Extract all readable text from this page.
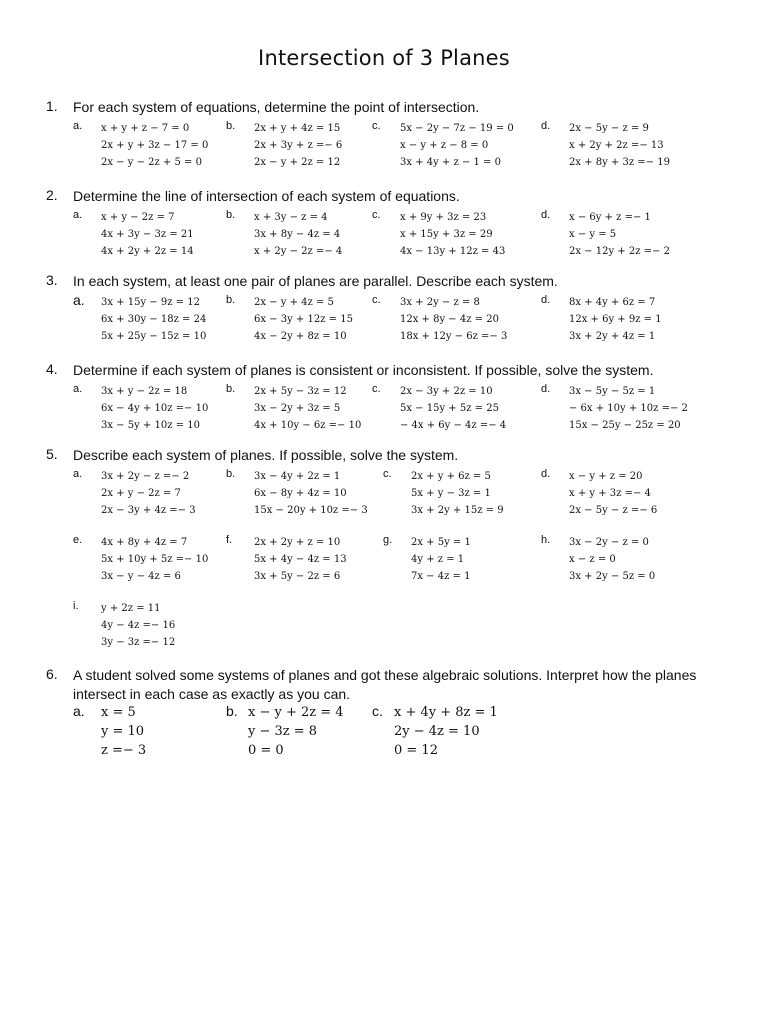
Intersection of 3 Planes
1. For each system of equations, determine the point of intersection.
a. x + y + z − 7 = 0
2x + y + 3z − 17 = 0
2x − y − 2z + 5 = 0
b. 2x + y + 4z = 15
2x + 3y + z =− 6
2x − y + 2z = 12
c. 5x − 2y − 7z − 19 = 0
x − y + z − 8 = 0
3x + 4y + z − 1 = 0
d. 2x − 5y − z = 9
x + 2y + 2z =− 13
2x + 8y + 3z =− 19
2. Determine the line of intersection of each system of equations.
a. x + y − 2z = 7
4x + 3y − 3z = 21
4x + 2y + 2z = 14
b. x + 3y − z = 4
3x + 8y − 4z = 4
x + 2y − 2z =− 4
c. x + 9y + 3z = 23
x + 15y + 3z = 29
4x − 13y + 12z = 43
d. x − 6y + z =− 1
x − y = 5
2x − 12y + 2z =− 2
3. In each system, at least one pair of planes are parallel. Describe each system.
a. 3x + 15y − 9z = 12
6x + 30y − 18z = 24
5x + 25y − 15z = 10
b. 2x − y + 4z = 5
6x − 3y + 12z = 15
4x − 2y + 8z = 10
c. 3x + 2y − z = 8
12x + 8y − 4z = 20
18x + 12y − 6z =− 3
d. 8x + 4y + 6z = 7
12x + 6y + 9z = 1
3x + 2y + 4z = 1
4. Determine if each system of planes is consistent or inconsistent. If possible, solve the system.
a. 3x + y − 2z = 18
6x − 4y + 10z =− 10
3x − 5y + 10z = 10
b. 2x + 5y − 3z = 12
3x − 2y + 3z = 5
4x + 10y − 6z =− 10
c. 2x − 3y + 2z = 10
5x − 15y + 5z = 25
− 4x + 6y − 4z =− 4
d. 3x − 5y − 5z = 1
− 6x + 10y + 10z =− 2
15x − 25y − 25z = 20
5. Describe each system of planes. If possible, solve the system.
a. 3x + 2y − z =− 2
2x + y − 2z = 7
2x − 3y + 4z =− 3
b. 3x − 4y + 2z = 1
6x − 8y + 4z = 10
15x − 20y + 10z =− 3
c. 2x + y + 6z = 5
5x + y − 3z = 1
3x + 2y + 15z = 9
d. x − y + z = 20
x + y + 3z =− 4
2x − 5y − z =− 6
e. 4x + 8y + 4z = 7
5x + 10y + 5z =− 10
3x − y − 4z = 6
f. 2x + 2y + z = 10
5x + 4y − 4z = 13
3x + 5y − 2z = 6
g. 2x + 5y = 1
4y + z = 1
7x − 4z = 1
h. 3x − 2y − z = 0
x − z = 0
3x + 2y − 5z = 0
i. y + 2z = 11
4y − 4z =− 16
3y − 3z =− 12
6. A student solved some systems of planes and got these algebraic solutions. Interpret how the planes intersect in each case as exactly as you can.
a. x = 5
y = 10
z =− 3
b. x − y + 2z = 4
y − 3z = 8
0 = 0
c. x + 4y + 8z = 1
2y − 4z = 10
0 = 12
